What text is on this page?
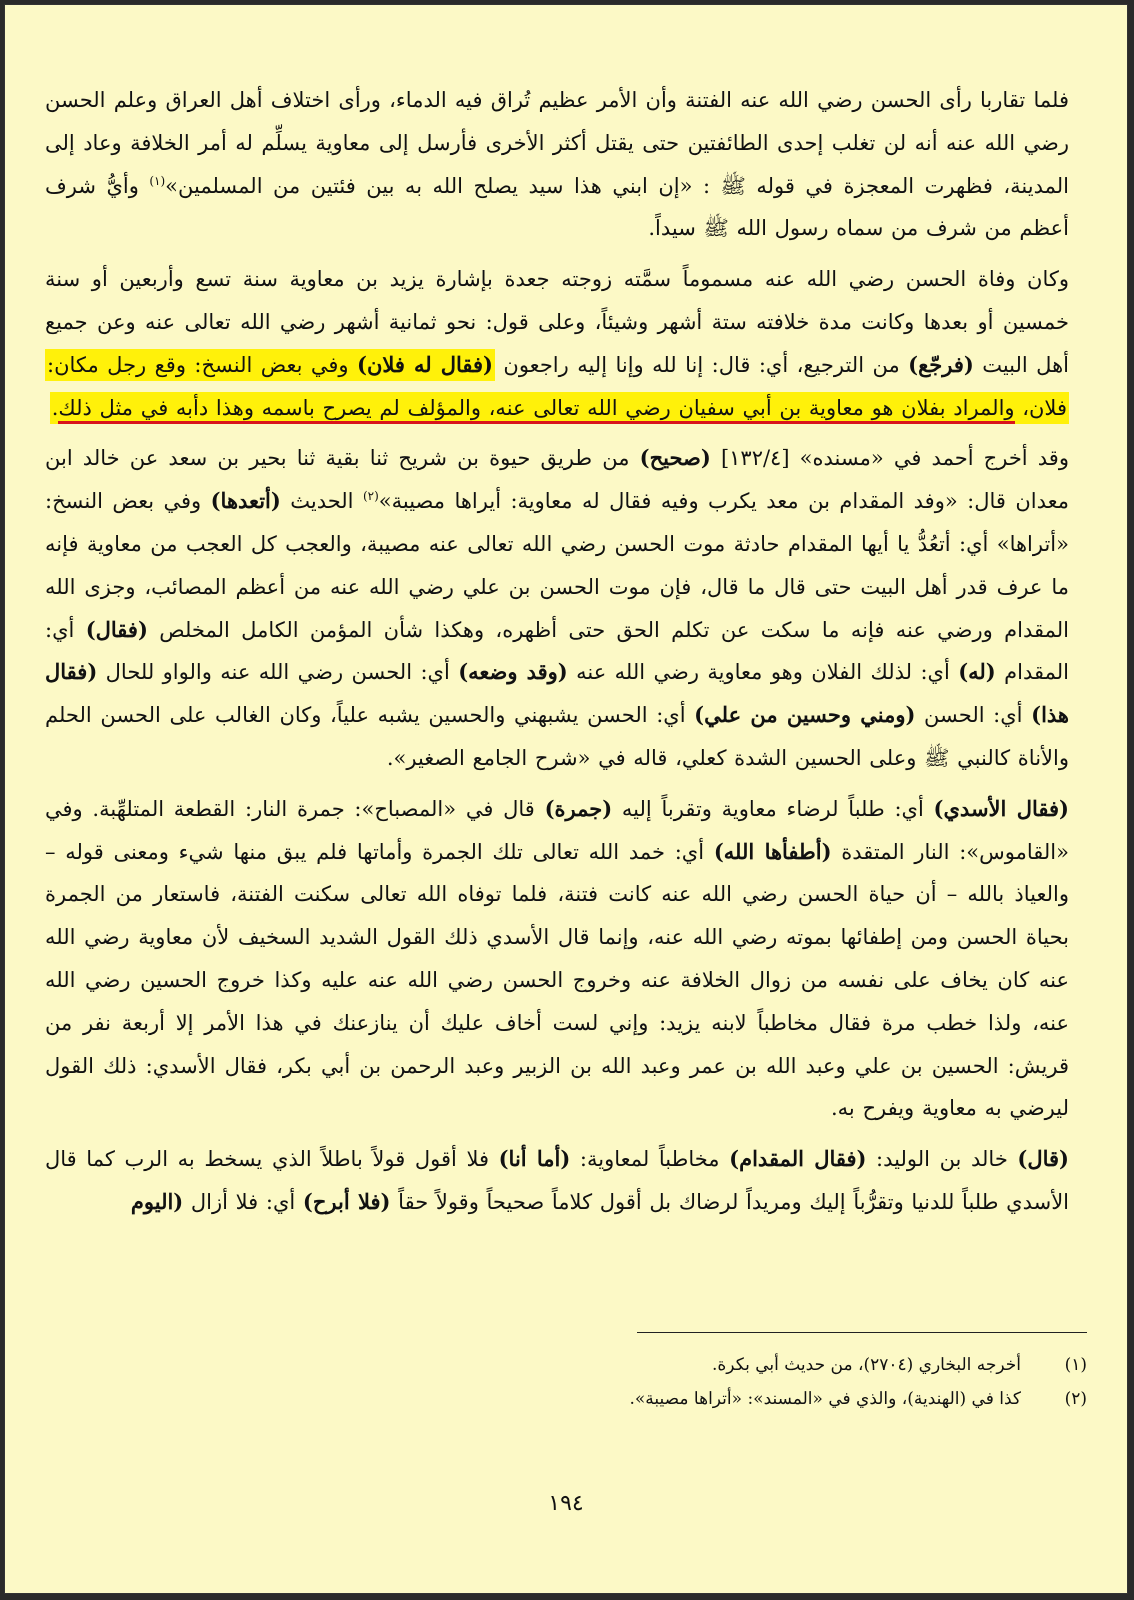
فلما تقاربا رأى الحسن رضي الله عنه الفتنة وأن الأمر عظيم تُراق فيه الدماء، ورأى اختلاف أهل العراق وعلم الحسن رضي الله عنه أنه لن تغلب إحدى الطائفتين حتى يقتل أكثر الأخرى فأرسل إلى معاوية يسلِّم له أمر الخلافة وعاد إلى المدينة، فظهرت المعجزة في قوله ﷺ : «إن ابني هذا سيد يصلح الله به بين فئتين من المسلمين»$^{(١)}$ وأيُّ شرف أعظم من شرف من سماه رسول الله ﷺ سيداً.

وكان وفاة الحسن رضي الله عنه مسموماً سمَّته زوجته جعدة بإشارة يزيد بن معاوية سنة تسع وأربعين أو سنة خمسين أو بعدها وكانت مدة خلافته ستة أشهر وشيئاً، وعلى قول: نحو ثمانية أشهر رضي الله تعالى عنه وعن جميع أهل البيت (فرجّع) من الترجيع، أي: قال: إنا لله وإنا إليه راجعون (فقال له فلان) وفي بعض النسخ: وقع رجل مكان: فلان، والمراد بفلان هو معاوية بن أبي سفيان رضي الله تعالى عنه، والمؤلف لم يصرح باسمه وهذا دأبه في مثل ذلك.

وقد أخرج أحمد في «مسنده» [١٣٢/٤] (صحيح) من طريق حيوة بن شريح ثنا بقية ثنا بحير بن سعد عن خالد ابن معدان قال: «وفد المقدام بن معد يكرب وفيه فقال له معاوية: أيراها مصيبة»$^{(٢)}$ الحديث (أتعدها) وفي بعض النسخ: «أتراها» أي: أتعُدُّ يا أيها المقدام حادثة موت الحسن رضي الله تعالى عنه مصيبة، والعجب كل العجب من معاوية فإنه ما عرف قدر أهل البيت حتى قال ما قال، فإن موت الحسن بن علي رضي الله عنه من أعظم المصائب، وجزى الله المقدام ورضي عنه فإنه ما سكت عن تكلم الحق حتى أظهره، وهكذا شأن المؤمن الكامل المخلص (فقال) أي: المقدام (له) أي: لذلك الفلان وهو معاوية رضي الله عنه (وقد وضعه) أي: الحسن رضي الله عنه والواو للحال (فقال هذا) أي: الحسن (ومني وحسين من علي) أي: الحسن يشبهني والحسين يشبه علياً، وكان الغالب على الحسن الحلم والأناة كالنبي ﷺ وعلى الحسين الشدة كعلي، قاله في «شرح الجامع الصغير».

(فقال الأسدي) أي: طلباً لرضاء معاوية وتقرباً إليه (جمرة) قال في «المصباح»: جمرة النار: القطعة المتلهِّبة. وفي «القاموس»: النار المتقدة (أطفأها الله) أي: خمد الله تعالى تلك الجمرة وأماتها فلم يبق منها شيء ومعنى قوله – والعياذ بالله – أن حياة الحسن رضي الله عنه كانت فتنة، فلما توفاه الله تعالى سكنت الفتنة، فاستعار من الجمرة بحياة الحسن ومن إطفائها بموته رضي الله عنه، وإنما قال الأسدي ذلك القول الشديد السخيف لأن معاوية رضي الله عنه كان يخاف على نفسه من زوال الخلافة عنه وخروج الحسن رضي الله عنه عليه وكذا خروج الحسين رضي الله عنه، ولذا خطب مرة فقال مخاطباً لابنه يزيد: وإني لست أخاف عليك أن ينازعنك في هذا الأمر إلا أربعة نفر من قريش: الحسين بن علي وعبد الله بن عمر وعبد الله بن الزبير وعبد الرحمن بن أبي بكر، فقال الأسدي: ذلك القول ليرضي به معاوية ويفرح به.

(قال) خالد بن الوليد: (فقال المقدام) مخاطباً لمعاوية: (أما أنا) فلا أقول قولاً باطلاً الذي يسخط به الرب كما قال الأسدي طلباً للدنيا وتقرُّباً إليك ومريداً لرضاك بل أقول كلاماً صحيحاً وقولاً حقاً (فلا أبرح) أي: فلا أزال (اليوم

(١)
أخرجه البخاري (٢٧٠٤)، من حديث أبي بكرة.
(٢)
كذا في (الهندية)، والذي في «المسند»: «أتراها مصيبة».
١٩٤
